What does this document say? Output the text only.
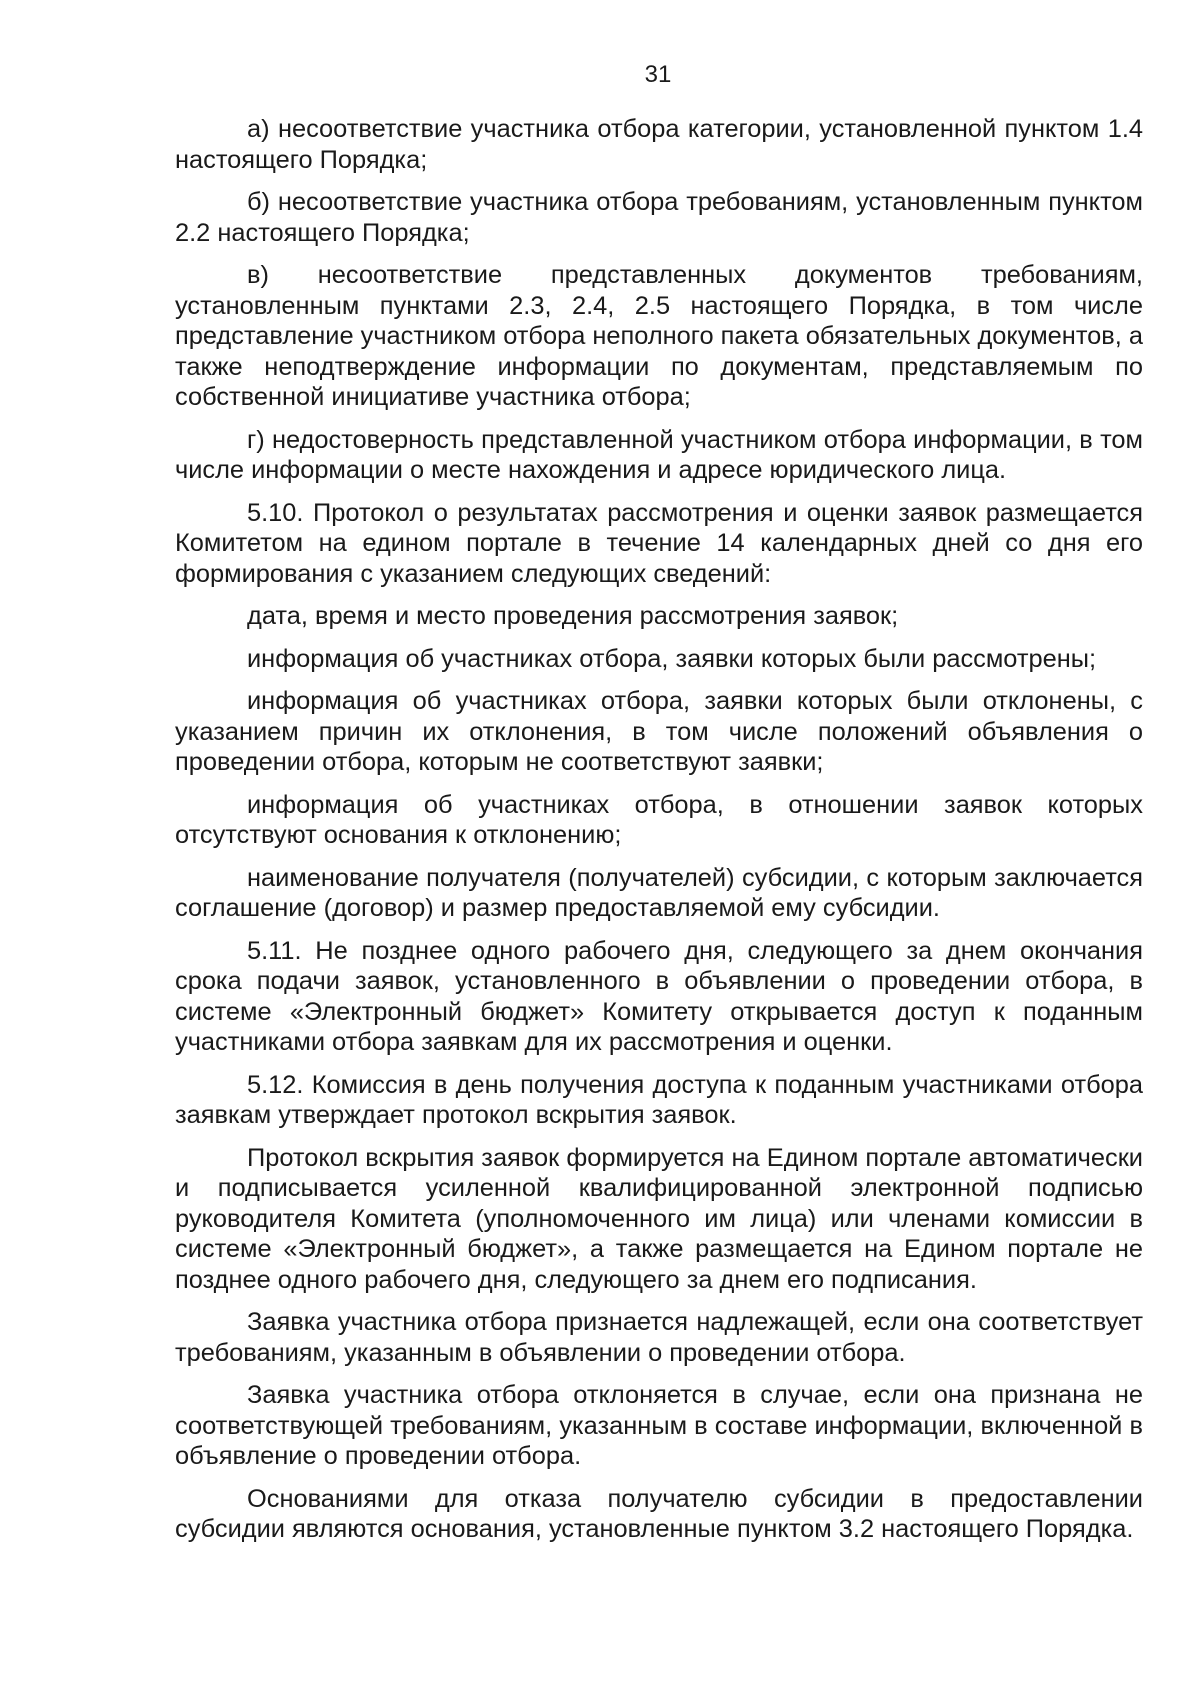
31

а) несоответствие участника отбора категории, установленной пунктом 1.4 настоящего Порядка;

б) несоответствие участника отбора требованиям, установленным пунктом 2.2 настоящего Порядка;

в) несоответствие представленных документов требованиям, установленным пунктами 2.3, 2.4, 2.5 настоящего Порядка, в том числе представление участником отбора неполного пакета обязательных документов, а также неподтверждение информации по документам, представляемым по собственной инициативе участника отбора;

г) недостоверность представленной участником отбора информации, в том числе информации о месте нахождения и адресе юридического лица.

5.10. Протокол о результатах рассмотрения и оценки заявок размещается Комитетом на едином портале в течение 14 календарных дней со дня его формирования с указанием следующих сведений:

дата, время и место проведения рассмотрения заявок;

информация об участниках отбора, заявки которых были рассмотрены;

информация об участниках отбора, заявки которых были отклонены, с указанием причин их отклонения, в том числе положений объявления о проведении отбора, которым не соответствуют заявки;

информация об участниках отбора, в отношении заявок которых отсутствуют основания к отклонению;

наименование получателя (получателей) субсидии, с которым заключается соглашение (договор) и размер предоставляемой ему субсидии.

5.11. Не позднее одного рабочего дня, следующего за днем окончания срока подачи заявок, установленного в объявлении о проведении отбора, в системе «Электронный бюджет» Комитету открывается доступ к поданным участниками отбора заявкам для их рассмотрения и оценки.

5.12. Комиссия в день получения доступа к поданным участниками отбора заявкам утверждает протокол вскрытия заявок.

Протокол вскрытия заявок формируется на Едином портале автоматически и подписывается усиленной квалифицированной электронной подписью руководителя Комитета (уполномоченного им лица) или членами комиссии в системе «Электронный бюджет», а также размещается на Едином портале не позднее одного рабочего дня, следующего за днем его подписания.

Заявка участника отбора признается надлежащей, если она соответствует требованиям, указанным в объявлении о проведении отбора.

Заявка участника отбора отклоняется в случае, если она признана не соответствующей требованиям, указанным в составе информации, включенной в объявление о проведении отбора.

Основаниями для отказа получателю субсидии в предоставлении субсидии являются основания, установленные пунктом 3.2 настоящего Порядка.
